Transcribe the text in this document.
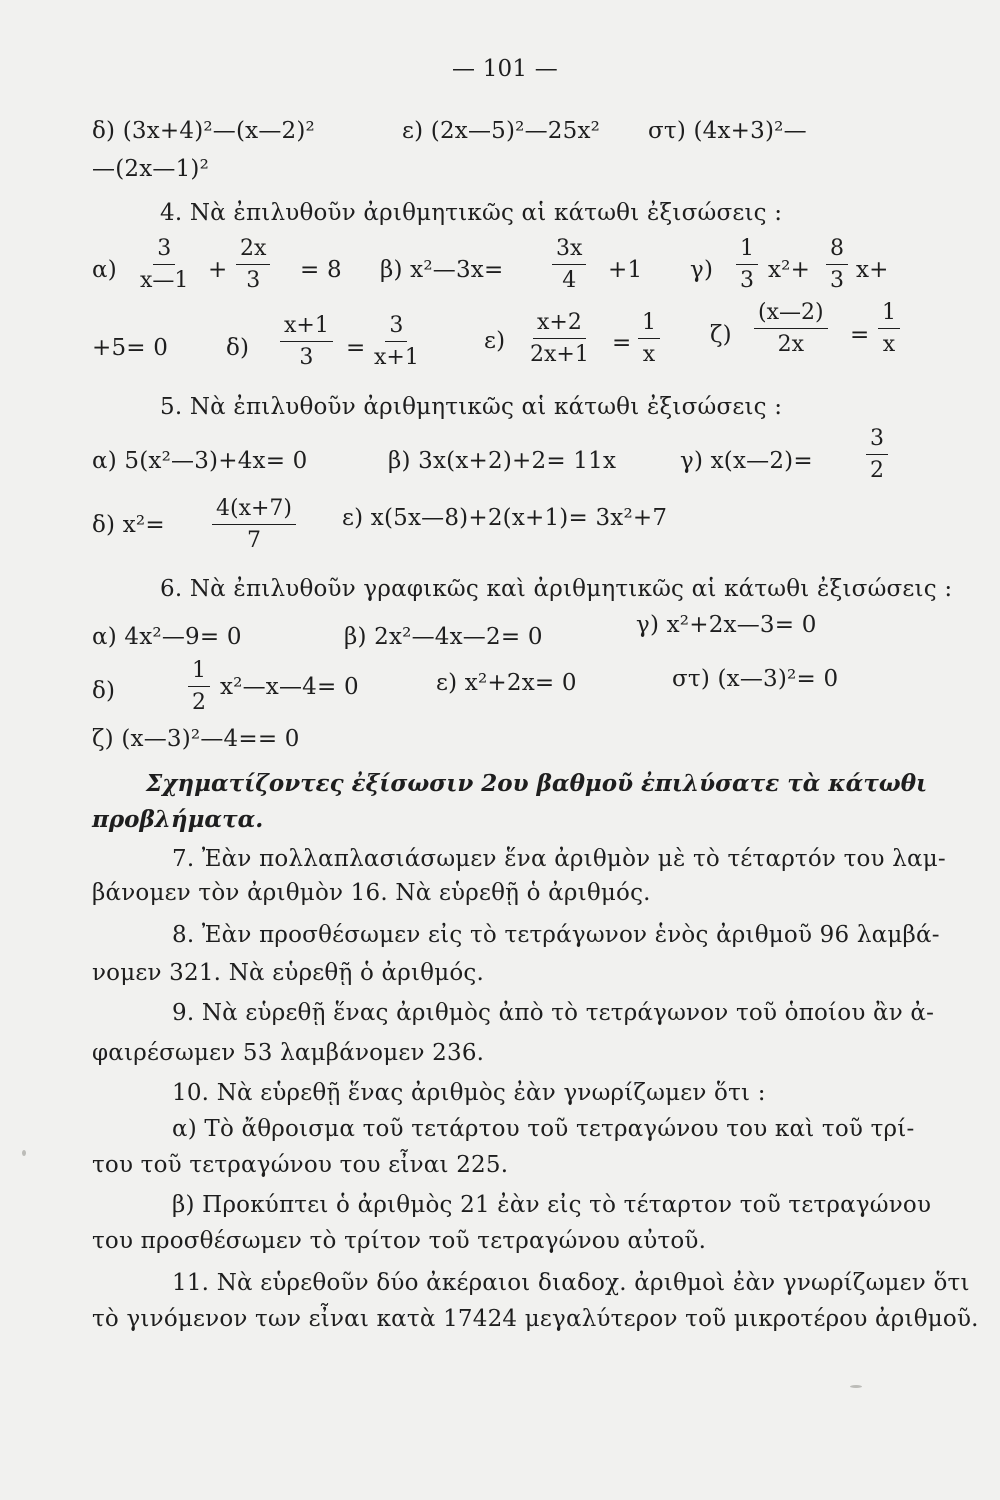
— 101 —
δ) (3x+4)²—(x—2)²	ε) (2x—5)²—25x² στ) (4x+3)²—
—(2x—1)²
4. Νὰ ἐπιλυθοῦν ἀριθμητικῶς αἱ κάτωθι ἐξισώσεις :
$\alpha) \frac{3}{x—1} + \frac{2x}{3} = 8$ β) x²—3x= $\frac{3x}{4} +1$ $\gamma) \frac{1}{3} x^2+ \frac{8}{3} x+$
+5= 0	$\delta) \frac{x+1}{3} = \frac{3}{x+1}$	$\varepsilon) \frac{x+2}{2x+1} = \frac{1}{x} \zeta) \frac{(x—2)}{2x} = \frac{1}{x}$
5. Νὰ ἐπιλυθοῦν ἀριθμητικῶς αἱ κάτωθι ἐξισώσεις :
α) 5(x²—3)+4x= 0	β) 3x(x+2)+2= 11x	γ) x(x—2)= $\frac{3}{2}$
δ) $x^2= \frac{4(x+7)}{7} \varepsilon$) x(5x—8)+2(x+1)= 3x²+7
6. Νὰ ἐπιλυθοῦν γραφικῶς καὶ ἀριθμητικῶς αἱ κάτωθι ἐξισώσεις :
α) 4x²—9= 0	β) 2x²—4x—2= 0	γ) x²+2x—3= 0
δ)	$\frac{1}{2}$ x²—x—4= 0	ε) x²+2x= 0	στ) (x—3)²= 0
ζ) (x—3)²—4== 0
Σχηματίζοντες ἐξίσωσιν 2ου βαθμοῦ ἐπιλύσατε τὰ κάτωθι
προβλήματα.
7. Ἐὰν πολλαπλασιάσωμεν ἕνα ἀριθμὸν μὲ τὸ τέταρτόν του λαμ-
βάνομεν τὸν ἀριθμὸν 16. Νὰ εὑρεθῇ ὁ ἀριθμός.
8. Ἐὰν προσθέσωμεν εἰς τὸ τετράγωνον ἑνὸς ἀριθμοῦ 96 λαμβά-
νομεν 321. Νὰ εὑρεθῇ ὁ ἀριθμός.
9. Νὰ εὑρεθῇ ἕνας ἀριθμὸς ἀπὸ τὸ τετράγωνον τοῦ ὁποίου ἂν ἀ-
φαιρέσωμεν 53 λαμβάνομεν 236.
10. Νὰ εὑρεθῇ ἕνας ἀριθμὸς ἐὰν γνωρίζωμεν ὅτι :
α) Τὸ ἄθροισμα τοῦ τετάρτου τοῦ τετραγώνου του καὶ τοῦ τρί-
του τοῦ τετραγώνου του εἶναι 225.
β) Προκύπτει ὁ ἀριθμὸς 21 ἐὰν εἰς τὸ τέταρτον τοῦ τετραγώνου
του προσθέσωμεν τὸ τρίτον τοῦ τετραγώνου αὐτοῦ.
11. Νὰ εὑρεθοῦν δύο ἀκέραιοι διαδοχ. ἀριθμοὶ ἐὰν γνωρίζωμεν ὅτι
τὸ γινόμενον των εἶναι κατὰ 17424 μεγαλύτερον τοῦ μικροτέρου ἀριθμοῦ.
